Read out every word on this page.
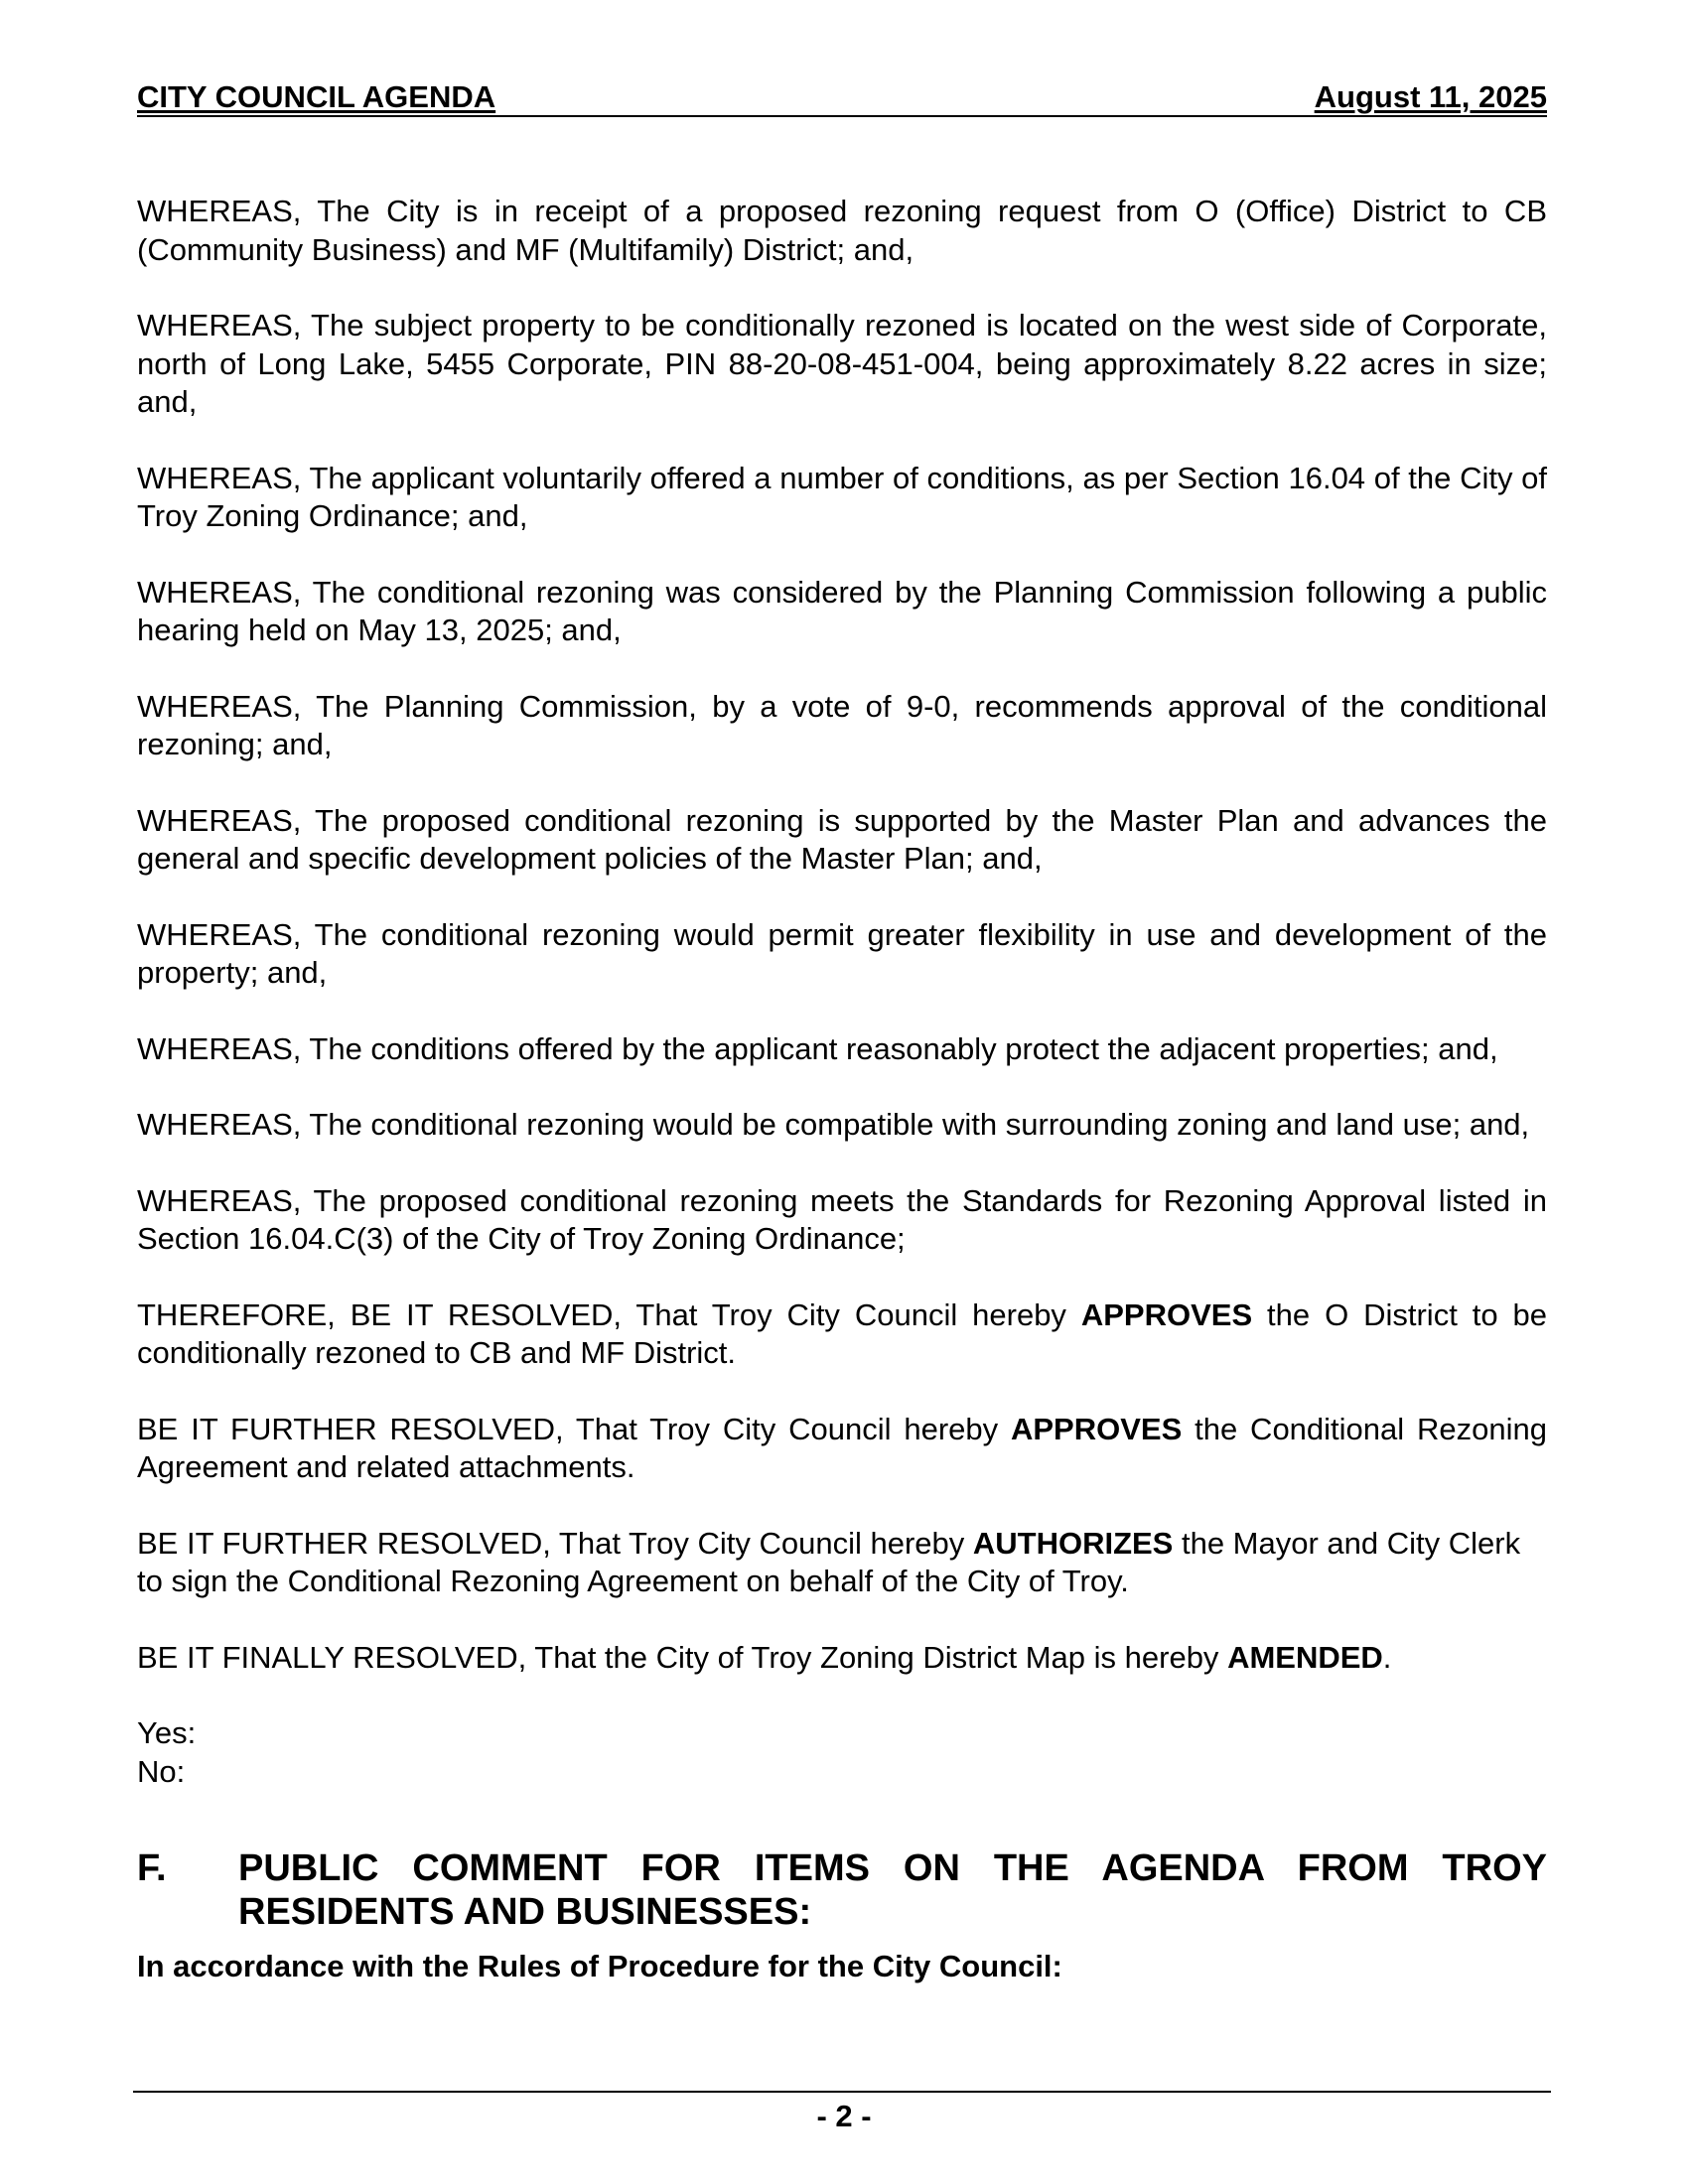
CITY COUNCIL AGENDA	August 11, 2025

WHEREAS, The City is in receipt of a proposed rezoning request from O (Office) District to CB (Community Business) and MF (Multifamily) District; and,

WHEREAS, The subject property to be conditionally rezoned is located on the west side of Corporate, north of Long Lake, 5455 Corporate, PIN 88-20-08-451-004, being approximately 8.22 acres in size; and,

WHEREAS, The applicant voluntarily offered a number of conditions, as per Section 16.04 of the City of Troy Zoning Ordinance; and,

WHEREAS, The conditional rezoning was considered by the Planning Commission following a public hearing held on May 13, 2025; and,

WHEREAS, The Planning Commission, by a vote of 9-0, recommends approval of the conditional rezoning; and,

WHEREAS, The proposed conditional rezoning is supported by the Master Plan and advances the general and specific development policies of the Master Plan; and,

WHEREAS, The conditional rezoning would permit greater flexibility in use and development of the property; and,

WHEREAS, The conditions offered by the applicant reasonably protect the adjacent properties; and,

WHEREAS, The conditional rezoning would be compatible with surrounding zoning and land use; and,

WHEREAS, The proposed conditional rezoning meets the Standards for Rezoning Approval listed in Section 16.04.C(3) of the City of Troy Zoning Ordinance;

THEREFORE, BE IT RESOLVED, That Troy City Council hereby APPROVES the O District to be conditionally rezoned to CB and MF District.

BE IT FURTHER RESOLVED, That Troy City Council hereby APPROVES the Conditional Rezoning Agreement and related attachments.

BE IT FURTHER RESOLVED, That Troy City Council hereby AUTHORIZES the Mayor and City Clerk to sign the Conditional Rezoning Agreement on behalf of the City of Troy.

BE IT FINALLY RESOLVED, That the City of Troy Zoning District Map is hereby AMENDED.

Yes:
No:
F.	PUBLIC COMMENT FOR ITEMS ON THE AGENDA FROM TROY
RESIDENTS AND BUSINESSES:
In accordance with the Rules of Procedure for the City Council:
- 2 -
